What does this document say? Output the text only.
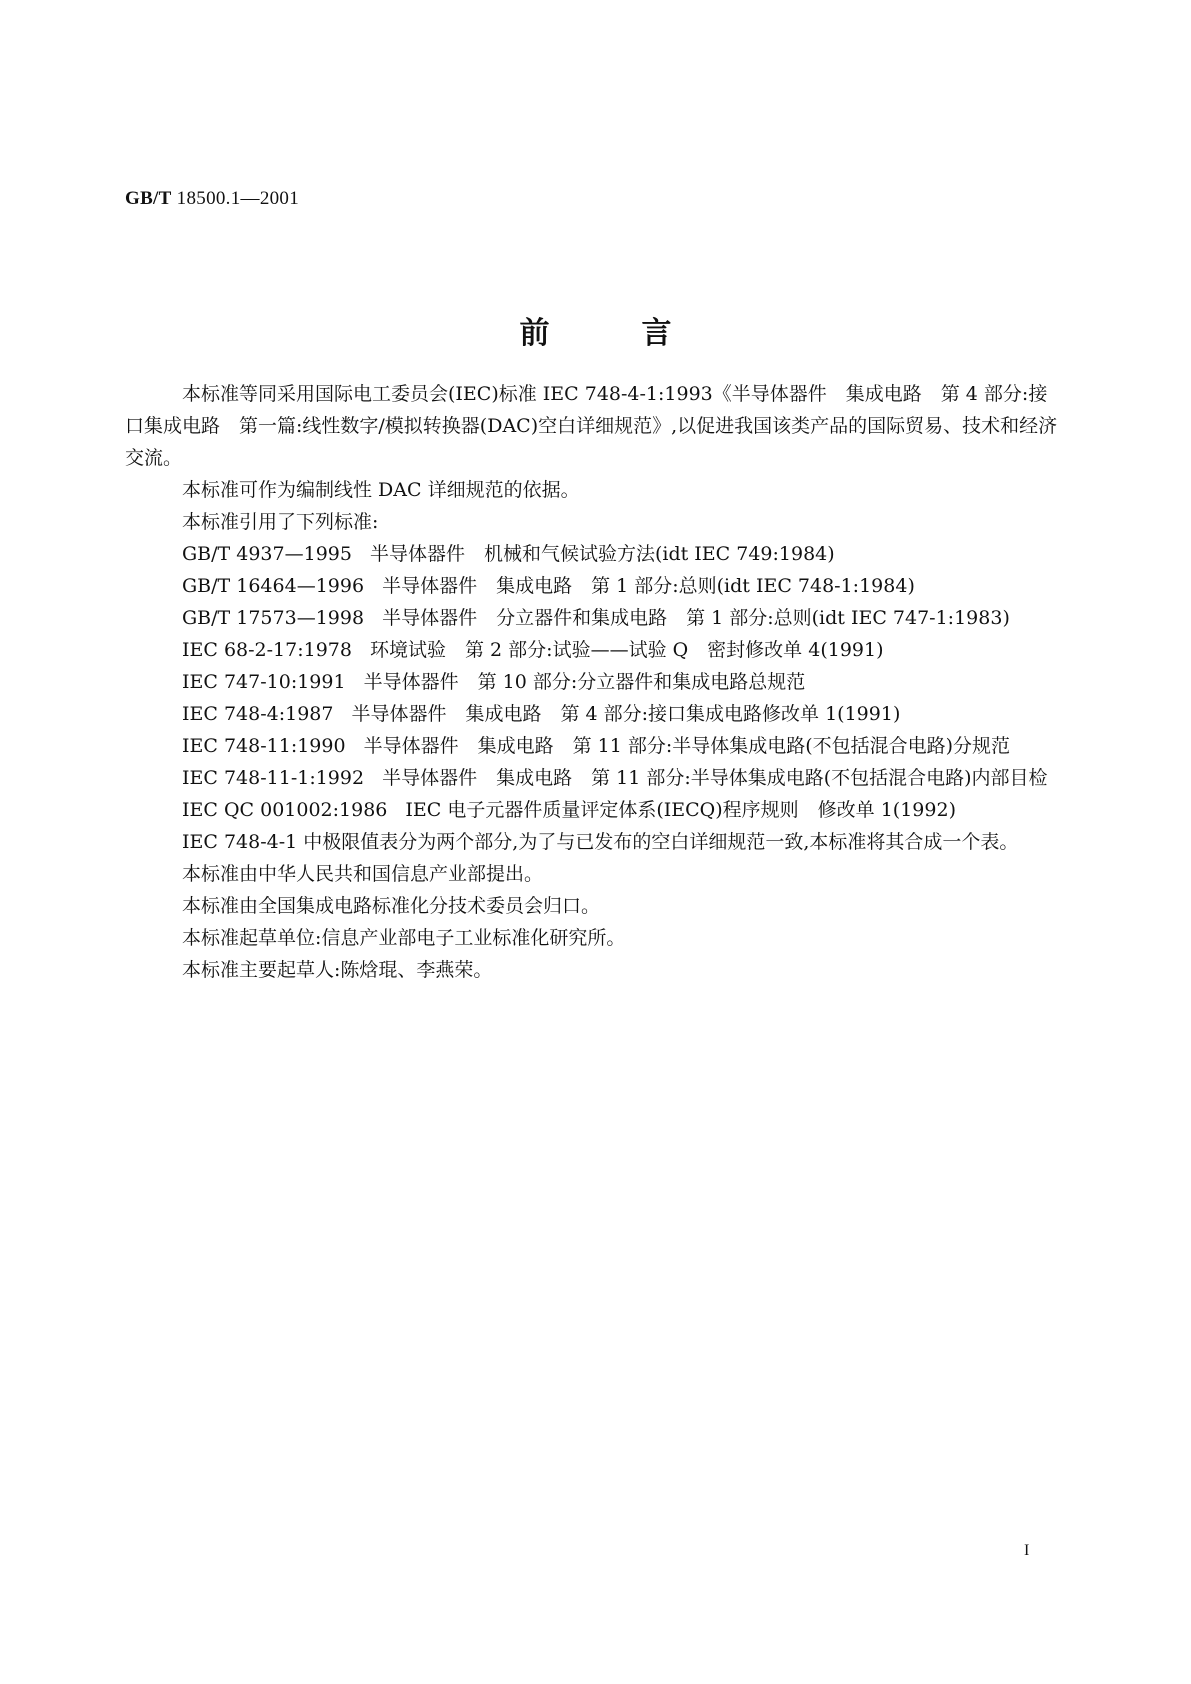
GB/T 18500.1—2001
前言

本标准等同采用国际电工委员会(IEC)标准 IEC 748-4-1:1993《半导体器件　集成电路　第 4 部分:接口集成电路　第一篇:线性数字/模拟转换器(DAC)空白详细规范》,以促进我国该类产品的国际贸易、技术和经济交流。

本标准可作为编制线性 DAC 详细规范的依据。

本标准引用了下列标准:

GB/T 4937—1995 半导体器件　机械和气候试验方法(idt IEC 749:1984)

GB/T 16464—1996 半导体器件　集成电路　第 1 部分:总则(idt IEC 748-1:1984)

GB/T 17573—1998 半导体器件　分立器件和集成电路　第 1 部分:总则(idt IEC 747-1:1983)

IEC 68-2-17:1978 环境试验　第 2 部分:试验——试验 Q　密封修改单 4(1991)

IEC 747-10:1991 半导体器件　第 10 部分:分立器件和集成电路总规范

IEC 748-4:1987 半导体器件　集成电路　第 4 部分:接口集成电路修改单 1(1991)

IEC 748-11:1990 半导体器件　集成电路　第 11 部分:半导体集成电路(不包括混合电路)分规范

IEC 748-11-1:1992 半导体器件　集成电路　第 11 部分:半导体集成电路(不包括混合电路)内部目检

IEC QC 001002:1986 IEC 电子元器件质量评定体系(IECQ)程序规则　修改单 1(1992)

IEC 748-4-1 中极限值表分为两个部分,为了与已发布的空白详细规范一致,本标准将其合成一个表。

本标准由中华人民共和国信息产业部提出。

本标准由全国集成电路标准化分技术委员会归口。

本标准起草单位:信息产业部电子工业标准化研究所。

本标准主要起草人:陈焓琨、李燕荣。

I
